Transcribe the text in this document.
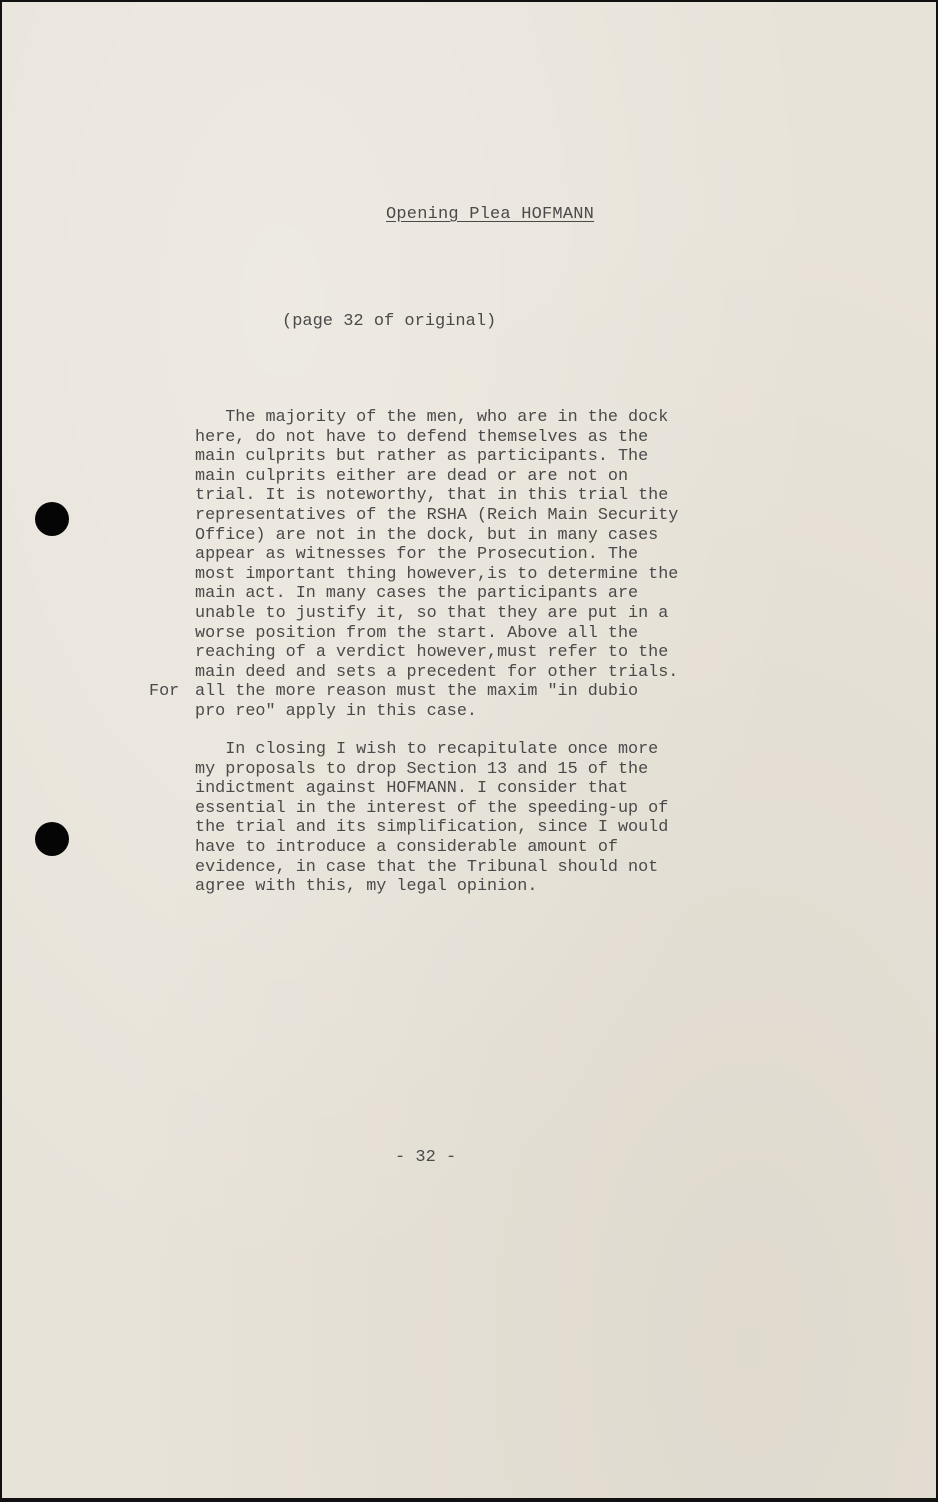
Opening Plea HOFMANN
(page 32 of original)
The majority of the men, who are in the dock
here, do not have to defend themselves as the
main culprits but rather as participants. The
main culprits either are dead or are not on
trial. It is noteworthy, that in this trial the
representatives of the RSHA (Reich Main Security
Office) are not in the dock, but in many cases
appear as witnesses for the Prosecution. The
most important thing however,is to determine the
main act. In many cases the participants are
unable to justify it, so that they are put in a
worse position from the start. Above all the
reaching of a verdict however,must refer to the
main deed and sets a precedent for other trials.
all the more reason must the maxim "in dubio
pro reo" apply in this case.
For
In closing I wish to recapitulate once more
my proposals to drop Section 13 and 15 of the
indictment against HOFMANN. I consider that
essential in the interest of the speeding-up of
the trial and its simplification, since I would
have to introduce a considerable amount of
evidence, in case that the Tribunal should not
agree with this, my legal opinion.
- 32 -
